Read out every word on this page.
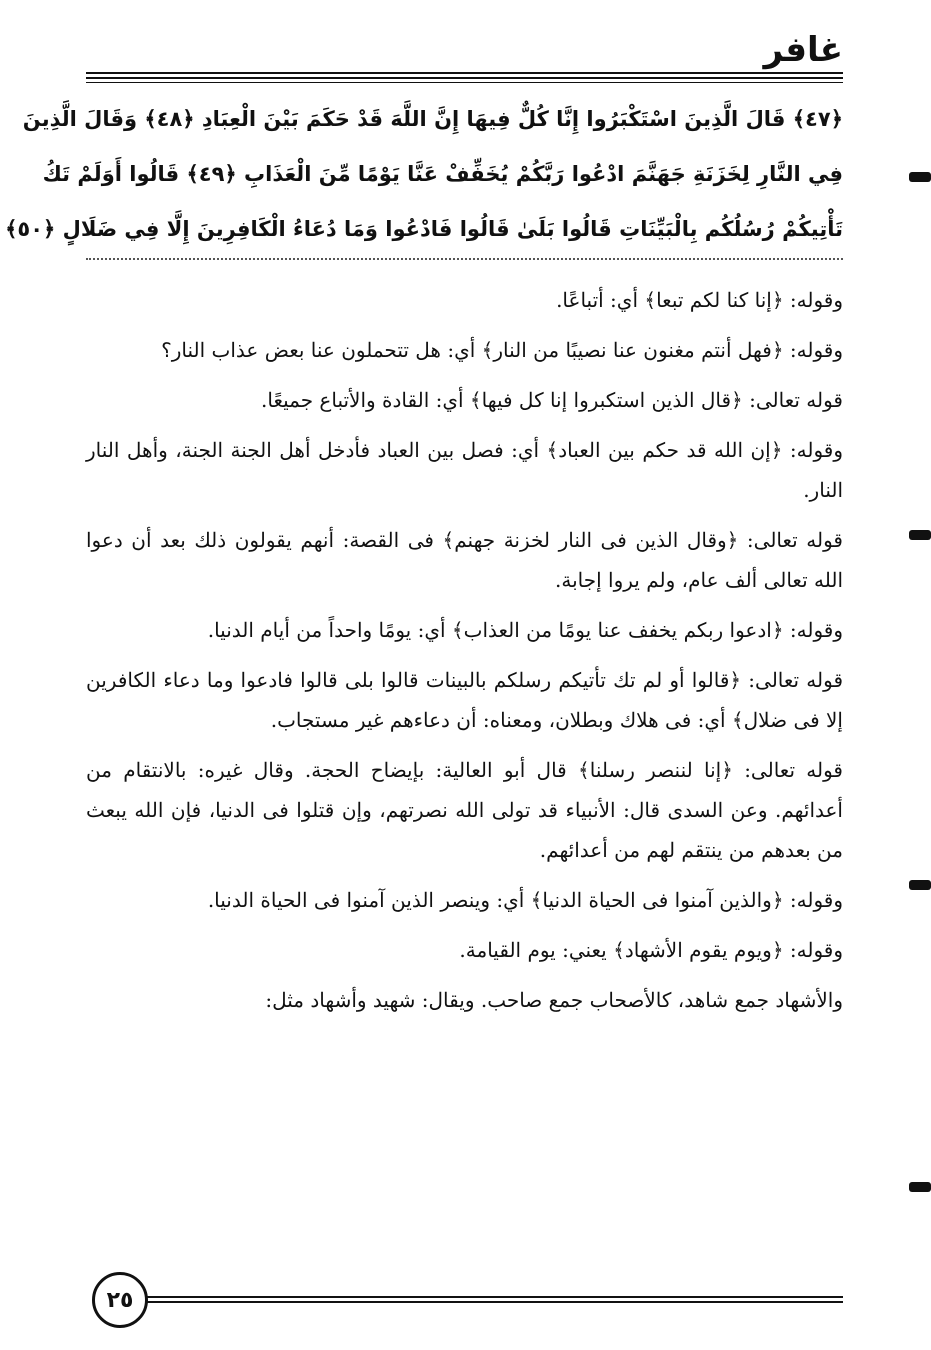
غافر
﴿٤٧﴾ قَالَ الَّذِينَ اسْتَكْبَرُوا إِنَّا كُلٌّ فِيهَا إِنَّ اللَّهَ قَدْ حَكَمَ بَيْنَ الْعِبَادِ ﴿٤٨﴾ وَقَالَ الَّذِينَ
فِي النَّارِ لِخَزَنَةِ جَهَنَّمَ ادْعُوا رَبَّكُمْ يُخَفِّفْ عَنَّا يَوْمًا مِّنَ الْعَذَابِ ﴿٤٩﴾ قَالُوا أَوَلَمْ تَكُ
تَأْتِيكُمْ رُسُلُكُم بِالْبَيِّنَاتِ قَالُوا بَلَىٰ قَالُوا فَادْعُوا وَمَا دُعَاءُ الْكَافِرِينَ إِلَّا فِي ضَلَالٍ ﴿٥٠﴾

وقوله: ﴿إنا كنا لكم تبعا﴾ أي: أتباعًا.

وقوله: ﴿فهل أنتم مغنون عنا نصيبًا من النار﴾ أي: هل تتحملون عنا بعض عذاب النار؟

قوله تعالى: ﴿قال الذين استكبروا إنا كل فيها﴾ أي: القادة والأتباع جميعًا.

وقوله: ﴿إن الله قد حكم بين العباد﴾ أي: فصل بين العباد فأدخل أهل الجنة الجنة، وأهل النار النار.

قوله تعالى: ﴿وقال الذين فى النار لخزنة جهنم﴾ فى القصة: أنهم يقولون ذلك بعد أن دعوا الله تعالى ألف عام، ولم يروا إجابة.

وقوله: ﴿ادعوا ربكم يخفف عنا يومًا من العذاب﴾ أي: يومًا واحداً من أيام الدنيا.

قوله تعالى: ﴿قالوا أو لم تك تأتيكم رسلكم بالبينات قالوا بلى قالوا فادعوا وما دعاء الكافرين إلا فى ضلال﴾ أي: فى هلاك وبطلان، ومعناه: أن دعاءهم غير مستجاب.

قوله تعالى: ﴿إنا لننصر رسلنا﴾ قال أبو العالية: بإيضاح الحجة. وقال غيره: بالانتقام من أعدائهم. وعن السدى قال: الأنبياء قد تولى الله نصرتهم، وإن قتلوا فى الدنيا، فإن الله يبعث من بعدهم من ينتقم لهم من أعدائهم.

وقوله: ﴿والذين آمنوا فى الحياة الدنيا﴾ أي: وينصر الذين آمنوا فى الحياة الدنيا.

وقوله: ﴿ويوم يقوم الأشهاد﴾ يعني: يوم القيامة.

والأشهاد جمع شاهد، كالأصحاب جمع صاحب. ويقال: شهيد وأشهاد مثل:

٢٥
